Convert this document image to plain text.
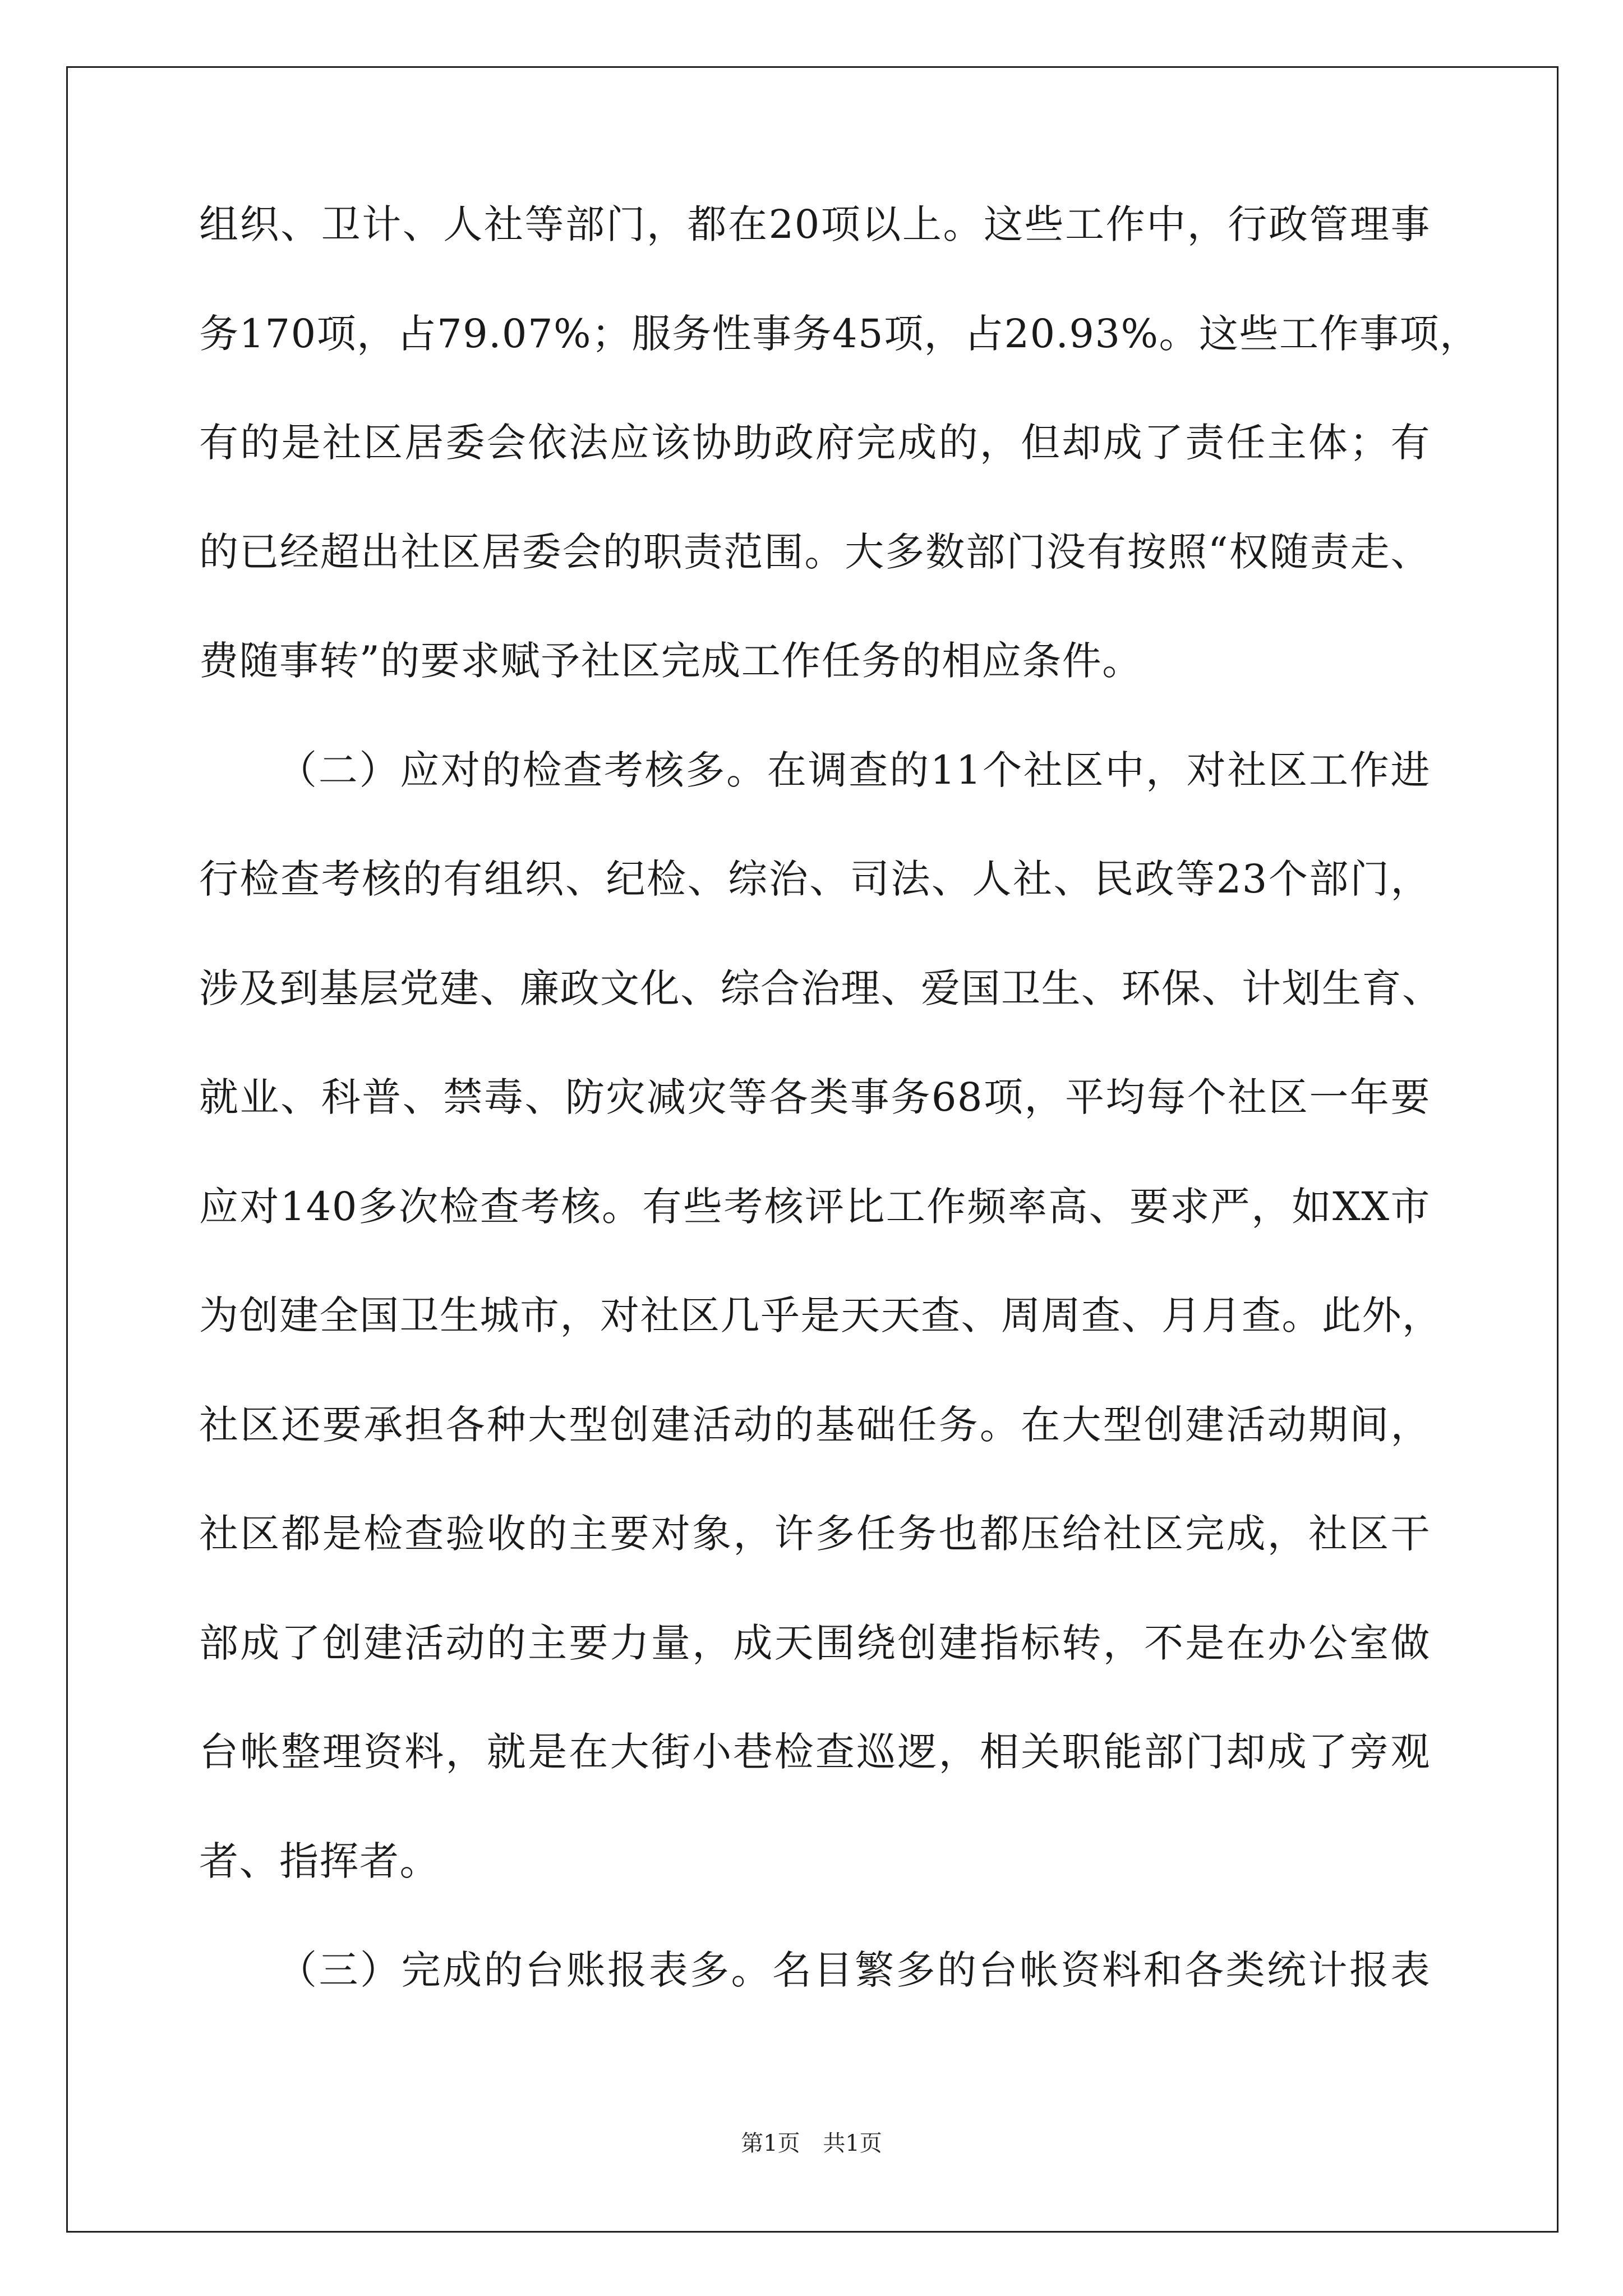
组织、卫计、人社等部门，都在20项以上。这些工作中，行政管理事
务170项，占79.07%；服务性事务45项，占20.93%。这些工作事项，
有的是社区居委会依法应该协助政府完成的，但却成了责任主体；有
的已经超出社区居委会的职责范围。大多数部门没有按照“权随责走、
费随事转”的要求赋予社区完成工作任务的相应条件。
（二）应对的检查考核多。在调查的11个社区中，对社区工作进
行检查考核的有组织、纪检、综治、司法、人社、民政等23个部门，
涉及到基层党建、廉政文化、综合治理、爱国卫生、环保、计划生育、
就业、科普、禁毒、防灾减灾等各类事务68项，平均每个社区一年要
应对140多次检查考核。有些考核评比工作频率高、要求严，如XX市
为创建全国卫生城市，对社区几乎是天天查、周周查、月月查。此外，
社区还要承担各种大型创建活动的基础任务。在大型创建活动期间，
社区都是检查验收的主要对象，许多任务也都压给社区完成，社区干
部成了创建活动的主要力量，成天围绕创建指标转，不是在办公室做
台帐整理资料，就是在大街小巷检查巡逻，相关职能部门却成了旁观
者、指挥者。
（三）完成的台账报表多。名目繁多的台帐资料和各类统计报表
第1页 共1页
